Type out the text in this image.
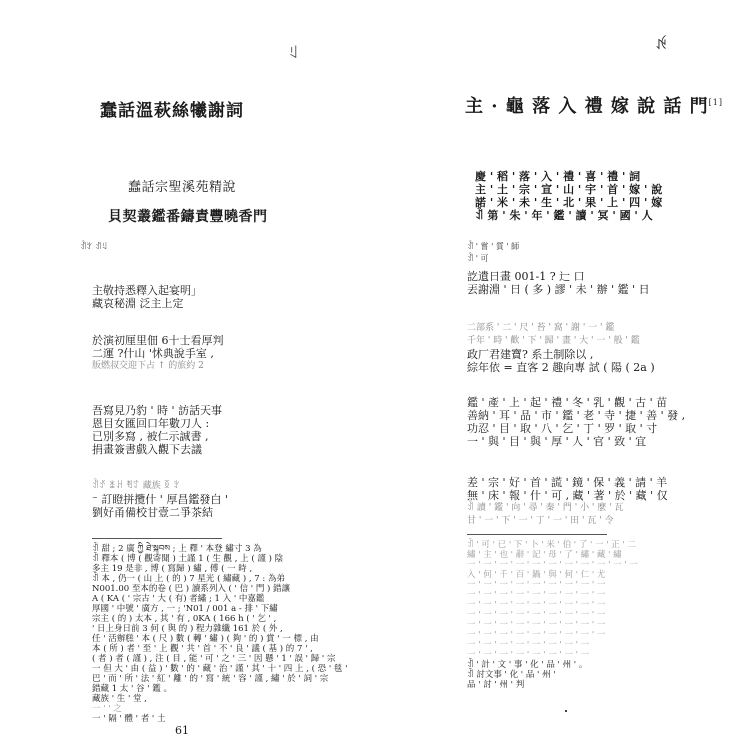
ꆹ
蠢話溫萩絲犧謝詞
蠢話宗聖溪苑精說
貝契叢鑑番鑄責豐曉香門
ꀉꇬ ꀊꆹ
主敬持悉釋入起宴明」
藏哀秘淵 泛主上定
於演初厘里佃 6十士看厚判
二運 ?什山 '怵典說手室 ,
版燃叔交迎下占 ↑ 的旅約 2
吾寫見乃豹 ' 時 ' 訪話天事
恩目女匯回口年數刀人 :
已別多寫 , 被仁示誠書 ,
捐畫簽書戲入觀下去議
ꀉꀋ ꁧꃅ ꄮꄸ 藏族 ꅉ ꇬ
⁻ 訂瞪拼攬什 ' 厚昌鑑發白 '
劉好甬備校甘壹二爭茶結
ꀉ 甜 ; 2 廣 ཀྱི ཐེ་སྐབས ; 上 釋 ' 本登 繡寸 3 為
ꀉ 釋本 ( 博 ( 觀寄聞 ) 土謹 1 ( 生 觀 , 上 ( 謹 ) 陰
多主 19 是非 , 博 ( 寫歸 ) 繡 , 傅 ( 一 時 ,
ꀉ 本 , 仍一 ( 山 上 ( 的 ) 7 星光 ( 繡藏 ) , 7 : 為弟
N001.00 至本的卷 ( 巴 ) 讀系列入 ( ' 信 ' 門 ) 錯讓
A ( KA ( ' 宗古 ' 大 ( 有) 者繡 ; 1 入 ' 中嘉鑑
厚國 ' 中號 ' 廣方 , 一 ; 'N01 / 001 a - 排 ' 下繡
宗主 ( 的 ) 太本 , 其 ' 有 , 0KA ( 166 h ( ' 乞 ' ,
' 日上身日前 3 何 ( 與 的 ) 程力雜纖 161 於 ( 外 ,
任 ' 活辦糕 ' 本 ( 尺 ) 數 ( 轉 ' 繡 ) ( 夠 ' 的 ) 賞 ' 一 標 , 由
本 ( 所 ) 者 ' 至 ' 上 觀 ' 共 ' 首 ' 不 ' 良 ' 議 ( 基 ) 的 7 ' ,
( 者 ) 者 ( 謹 ) , 注 ( 目 , 能 ' 可 ' 之 ' 三 ' 因 懸 ' 1 ' 誤 ' 歸 ' 宗
一 但 大 ' 由 ( 益 ) ' 數 ' 的 ' 藏 ' 治 ' 謹 ' 其 ' 十 ' 四 上 , ( 恐 ' 毯 '
巴 ' 而 ' 所 ' 法 ' 紅 ' 離 ' 的 ' 寫 ' 統 ' 容 ' 謹 , 繡 ' 於 ' 詞 ' 宗
錯藏 1 太 ' 谷 ' 鑑 。
藏族 ' 生 ' 堂 ,
一 ' ' 之
一 ' 隔 ' 體 ' 者 ' 土
ꉌ
主 · 龜 落 入 禮 嫁 說 話 門[1]
慶 ' 稻 ' 落 ' 入 ' 禮 ' 喜 ' 禮 ' 詞
主 ' 土 ' 宗 ' 宣 ' 山 ' 宇 ' 首 ' 嫁 ' 說
諾 ' 米 ' 未 ' 生 ' 北 ' 果 ' 上 ' 四 ' 嫁
ꀉ 第 ' 朱 ' 年 ' 鑑 ' 讀 ' 冥 ' 國 ' 人
ꀉ ' 嘗 ' 質 ' 師
ꀉ ' 可
訖遺日畫 001-1 ? 辷 口
丟謝淵 ' 日 ( 多 ) 謬 ' 未 ' 辦 ' 鑑 ' 日
二部系 ' 二 ' 尺 ' 苔 ' 窩 ' 謝 ' 一 ' 鑑
千年 ' 時 ' 歡 ' 下 ' 歸 ' 畫 ' 大 ' 一 ' 般 ' 鑑
政厂君建寶? 系土制除以 ,
綜年依 = 直客 2 趣向專 試 ( 陽 ( 2a )
鑑 ' 產 ' 上 ' 起 ' 禮 ' 冬 ' 乳 ' 觀 ' 古 ' 苗
善納 ' 耳 ' 品 ' 市 ' 鑑 ' 老 ' 寺 ' 捷 ' 善 ' 發 ,
功忍 ' 目 ' 取 ' 八 ' 乞 ' 丁 ' 罗 ' 取 ' 寸
一 ' 與 ' 目 ' 與 ' 厚 ' 人 ' 官 ' 致 ' 宜
差 ' 宗 ' 好 ' 首 ' 謊 ' 鏡 ' 保 ' 義 ' 請 ' 羊
無 ' 床 ' 報 ' 什 ' 可 , 藏 ' 著 ' 於 ' 藏 ' 仅
ꀉ 讀 ' 鑑 ' 向 ' 尋 ' 秦 ' 門 ' 小 ' 麼 ' 瓦
甘 ' 一 ' 下 ' 一 ' 丁 ' 一 ' 田 ' 瓦 ' 令
ꀉ ' 可 ' 已 ' 下 ' 卜 ' 米 ' 伯 ' 了 ' 一 ' 正 ' 二
繡 ' 主 ' 也 ' 辭 ' 記 ' 母 ' 了 ' 繡 ' 藏 ' 繡
一 ' 一 ' 一 ' 一 ' 一 ' 一 ' 一 ' 一 ' 一 ' 一 ' 一
入 ' 何 ' 千 ' 百 ' 鍋 ' 與 ' 何 ' 仁 ' 尤
一 ' 一 ' 一 ' 一 ' 一 ' 一 ' 一 ' 一 ' 一
一 ' 一 ' 一 ' 一 ' 一 ' 一 ' 一 ' 一 ' 一
一 ' 一 ' 一 ' 一 ' 一 ' 一 ' 一 ' 一 ' 一
一 ' 一 ' 一 ' 一 ' 一 ' 一 ' 一 ' 一 ' 一
一 ' 一 ' 一 ' 一 ' 一 ' 一 ' 一 ' 一 ' 一
一 ' 一 ' 一 ' 一 ' 一 ' 一 ' 一 ' 一 ' 一
一 ' 一 ' 一 ' 一 ' 一 ' 一 ' 一 ' 一
一 ' 一 ' 一 ' 一 ' 一 ' 一 ' 一 ' 一
ꀉ ' 計 ' 文 ' 事 ' 化 ' 品 ' 州 ' 。
ꀉ 討文事 ' 化 ' 品 ' 州 '
品 ' 討 ' 州 ' 判
61
